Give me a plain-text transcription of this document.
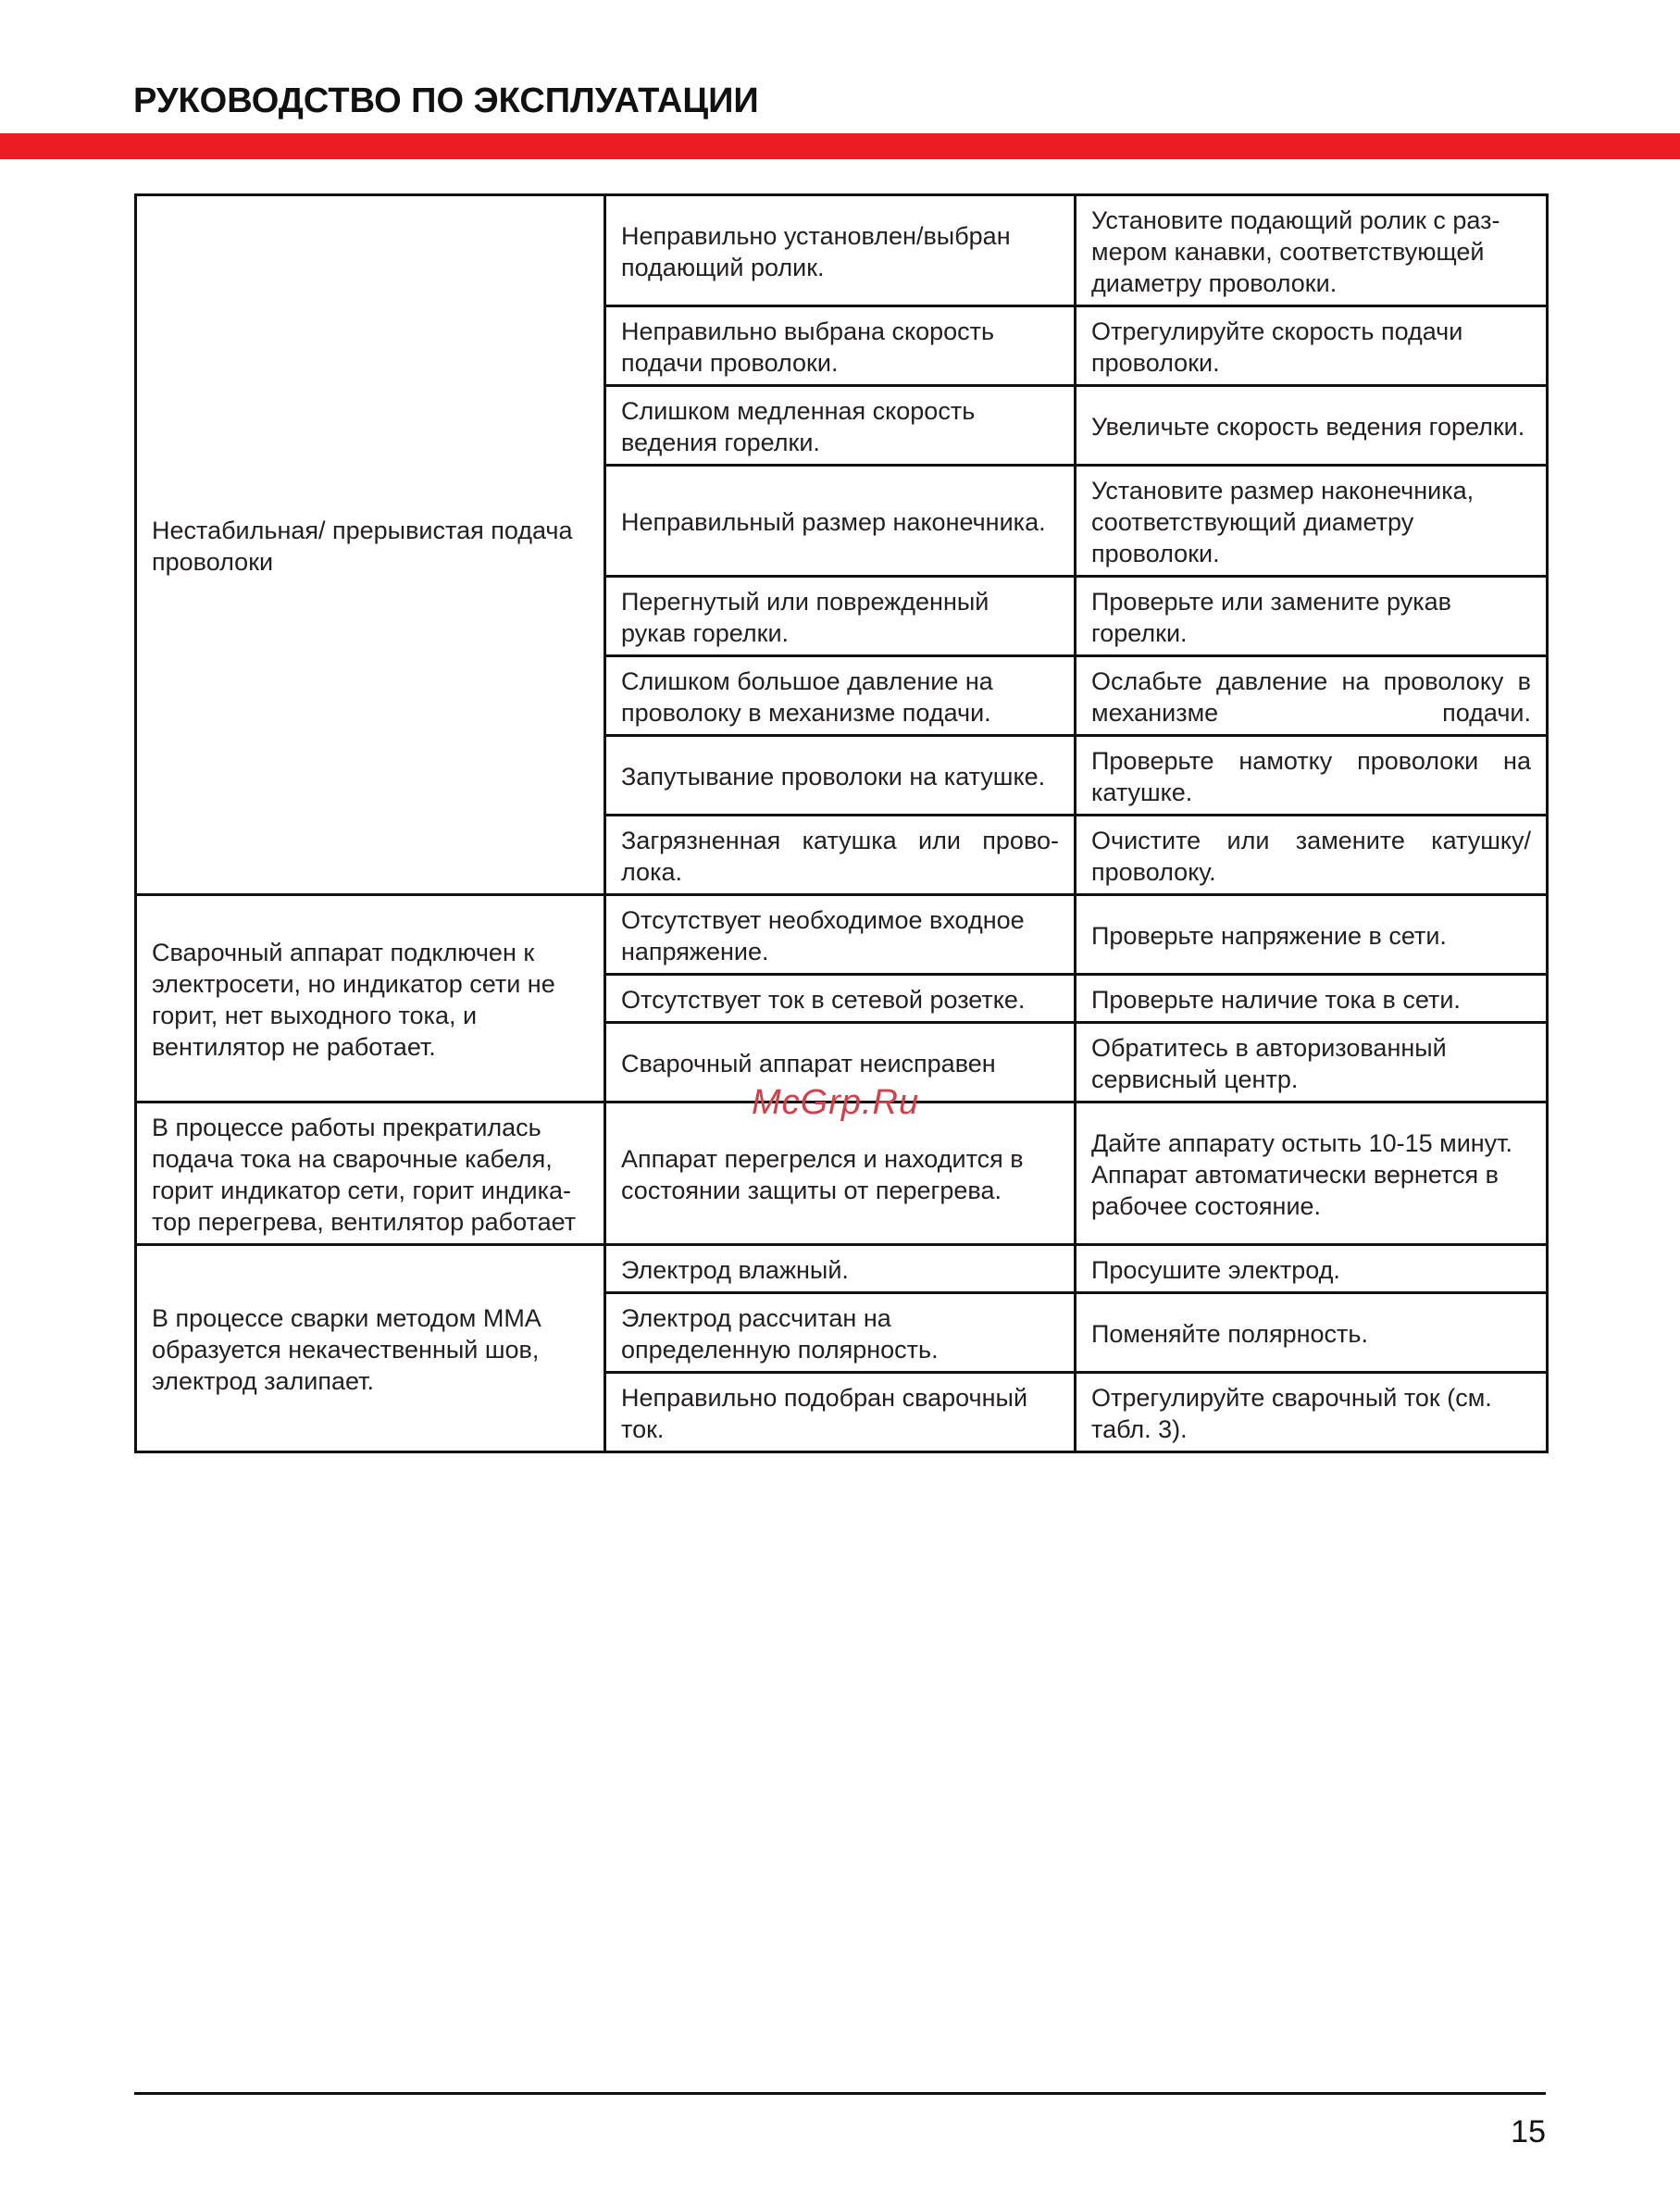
РУКОВОДСТВО ПО ЭКСПЛУАТАЦИИ
Нестабильная/ прерывистая подача проволоки	Неправильно установлен/выбран подающий ролик.	Установите подающий ролик с раз-мером канавки, соответствующей диаметру проволоки.
	Неправильно выбрана скорость подачи проволоки.	Отрегулируйте скорость подачи проволоки.
	Слишком медленная скорость ведения горелки.	Увеличьте скорость ведения горелки.
	Неправильный размер наконечника.	Установите размер наконечника, соответствующий диаметру проволоки.
	Перегнутый или поврежденный рукав горелки.	Проверьте или замените рукав горелки.
	Слишком большое давление на проволоку в механизме подачи.	Ослабьте давление на проволоку в механизме подачи.
	Запутывание проволоки на катушке.	Проверьте намотку проволоки на катушке.
	Загрязненная катушка или прово-лока.	Очистите или замените катушку/ проволоку.
Сварочный аппарат подключен к электросети, но индикатор сети не горит, нет выходного тока, и вентилятор не работает.	Отсутствует необходимое входное напряжение.	Проверьте напряжение в сети.
	Отсутствует ток в сетевой розетке.	Проверьте наличие тока в сети.
	Сварочный аппарат неисправен	Обратитесь в авторизованный сервисный центр.
В процессе работы прекратилась подача тока на сварочные кабеля, горит индикатор сети, горит индика-тор перегрева, вентилятор работает	Аппарат перегрелся и находится в состоянии защиты от перегрева.	Дайте аппарату остыть 10-15 минут. Аппарат автоматически вернется в рабочее состояние.
В процессе сварки методом MMA образуется некачественный шов, электрод залипает.	Электрод влажный.	Просушите электрод.
	Электрод рассчитан на определенную полярность.	Поменяйте полярность.
	Неправильно подобран сварочный ток.	Отрегулируйте сварочный ток (см. табл. 3).
McGrp.Ru
15
